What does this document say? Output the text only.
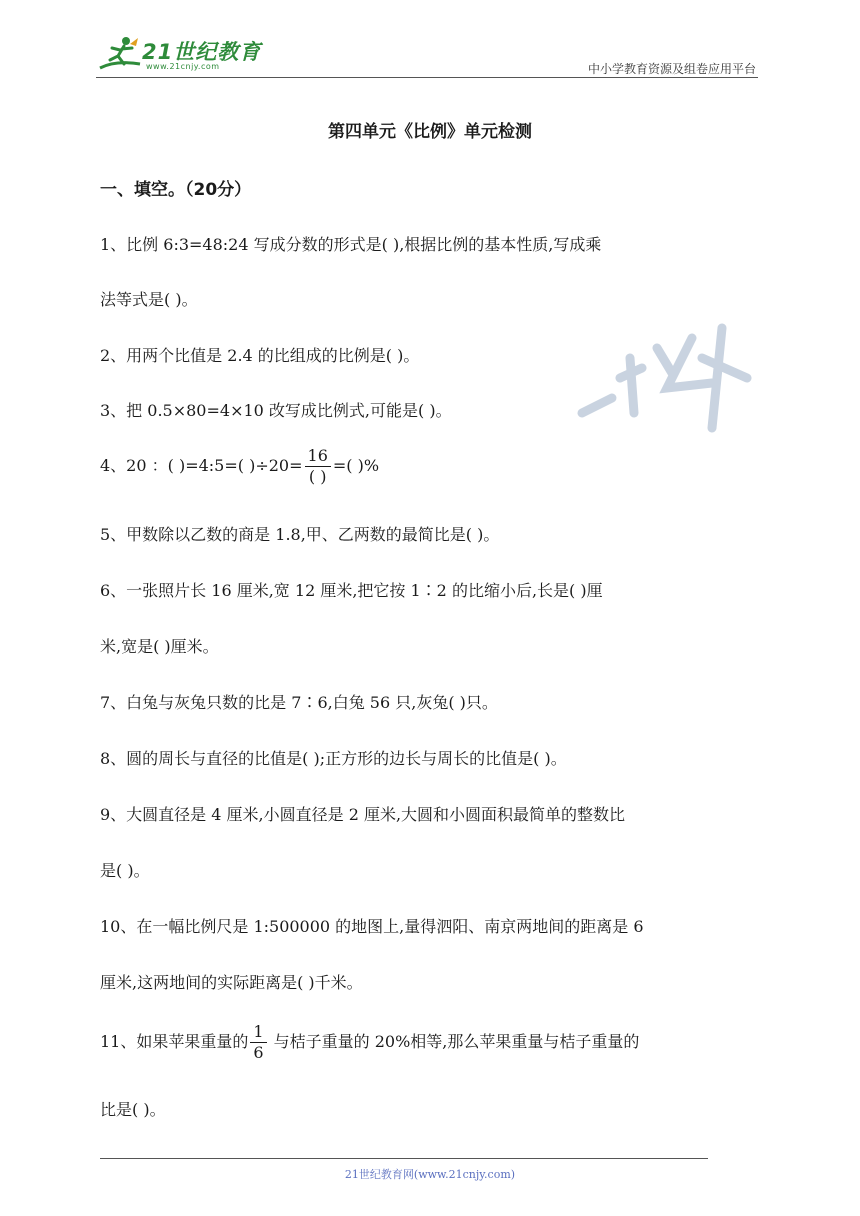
21世纪教育
www.21cnjy.com	中小学教育资源及组卷应用平台
第四单元《比例》单元检测
一、填空。（20分）
1、比例 6:3=48:24 写成分数的形式是( ),根据比例的基本性质,写成乘
法等式是( )。
2、用两个比值是 2.4 的比组成的比例是( )。
3、把 0.5×80=4×10 改写成比例式,可能是( )。
4、20 ：( )=4:5=( )$\div 20= \frac{16}{( )}$ =( )%
5、甲数除以乙数的商是 1.8,甲、乙两数的最简比是( )。
6、一张照片长 16 厘米,宽 12 厘米,把它按 1∶2 的比缩小后,长是( )厘
米,宽是( )厘米。
7、白兔与灰兔只数的比是 7∶6,白兔 56 只,灰兔( )只。
8、圆的周长与直径的比值是( );正方形的边长与周长的比值是( )。
9、大圆直径是 4 厘米,小圆直径是 2 厘米,大圆和小圆面积最简单的整数比
是( )。
10、在一幅比例尺是 1:500000 的地图上,量得泗阳、南京两地间的距离是 6
厘米,这两地间的实际距离是( )千米。
11、如果苹果重量的 $\frac{1}{6}$ 与桔子重量的 20%相等,那么苹果重量与桔子重量的
比是( )。
21世纪教育网(www.21cnjy.com)
